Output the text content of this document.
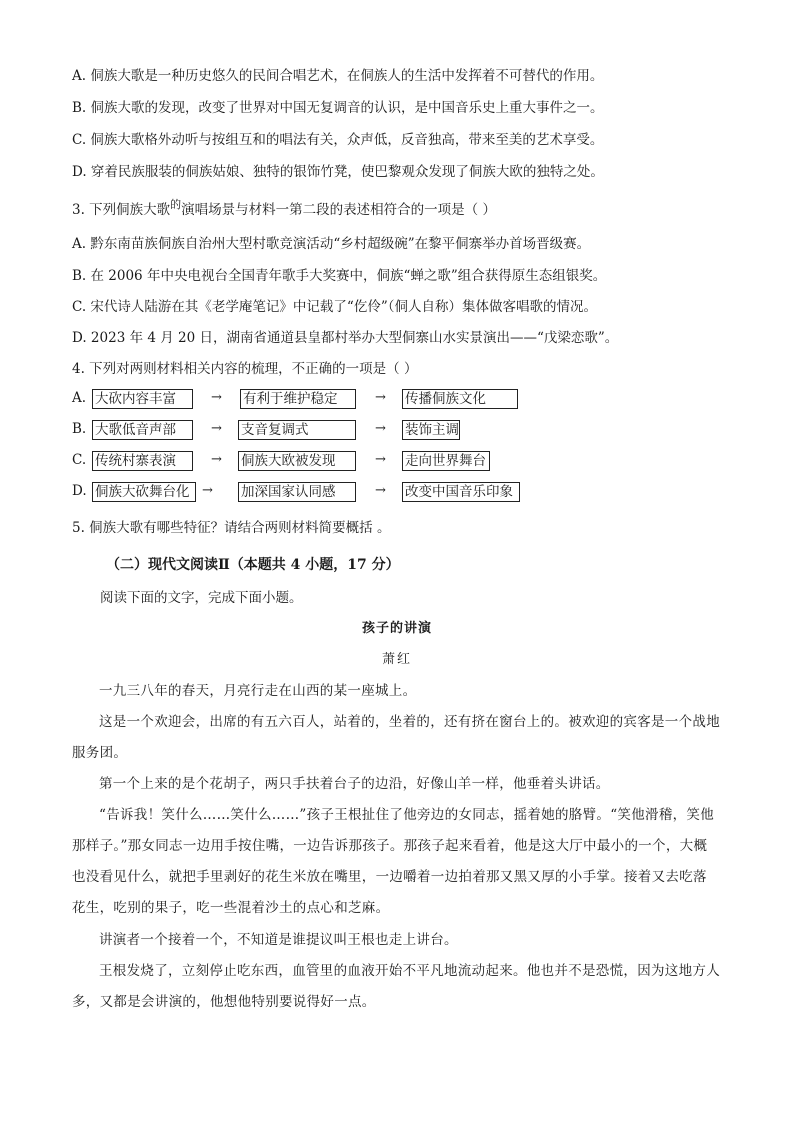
A. 侗族大歌是一种历史悠久的民间合唱艺术，在侗族人的生活中发挥着不可替代的作用。
B. 侗族大歌的发现，改变了世界对中国无复调音的认识，是中国音乐史上重大事件之一。
C. 侗族大歌格外动听与按组互和的唱法有关，众声低，反音独高，带来至美的艺术享受。
D. 穿着民族服装的侗族姑娘、独特的银饰竹凳，使巴黎观众发现了侗族大欧的独特之处。
3. 下列侗族大歌$^的$演唱场景与材料一第二段的表述相符合的一项是（ ）
A. 黔东南苗族侗族自治州大型村歌竞演活动“乡村超级碗”在黎平侗寨举办首场晋级赛。
B. 在 2006 年中央电视台全国青年歌手大奖赛中，侗族“蝉之歌”组合获得原生态组银奖。
C. 宋代诗人陆游在其《老学庵笔记》中记载了“仡伶”（侗人自称）集体做客唱歌的情况。
D. 2023 年 4 月 20 日，湖南省通道县皇都村举办大型侗寨山水实景演出——“戊梁恋歌”。
4. 下列对两则材料相关内容的梳理，不正确的一项是（ ）
A. 大砍内容丰富	→ 有利于维护稳定	→ 传播侗族文化
B. 大歌低音声部	→ 支音复调式	→ 装饰主调
C. 传统村寨表演	→ 侗族大欧被发现	→ 走向世界舞台
D. 侗族大砍舞台化 → 加深国家认同感	→ 改变中国音乐印象
5. 侗族大歌有哪些特征？请结合两则材料简要概括 。
（二）现代文阅读Ⅱ（本题共 4 小题，17 分）
阅读下面的文字，完成下面小题。
孩子的讲演
萧红
一九三八年的春天，月亮行走在山西的某一座城上。
这是一个欢迎会，出席的有五六百人，站着的，坐着的，还有挤在窗台上的。被欢迎的宾客是一个战地服务团。
第一个上来的是个花胡子，两只手扶着台子的边沿，好像山羊一样，他垂着头讲话。
“告诉我！笑什么……笑什么……”孩子王根扯住了他旁边的女同志，摇着她的胳臂。“笑他滑稽，笑他那样子。”那女同志一边用手按住嘴，一边告诉那孩子。那孩子起来看着，他是这大厅中最小的一个，大概也没看见什么，就把手里剥好的花生米放在嘴里，一边嚼着一边拍着那又黑又厚的小手掌。接着又去吃落花生，吃别的果子，吃一些混着沙土的点心和芝麻。
讲演者一个接着一个，不知道是谁提议叫王根也走上讲台。
王根发烧了，立刻停止吃东西，血管里的血液开始不平凡地流动起来。他也并不是恐慌，因为这地方人多，又都是会讲演的，他想他特别要说得好一点。
